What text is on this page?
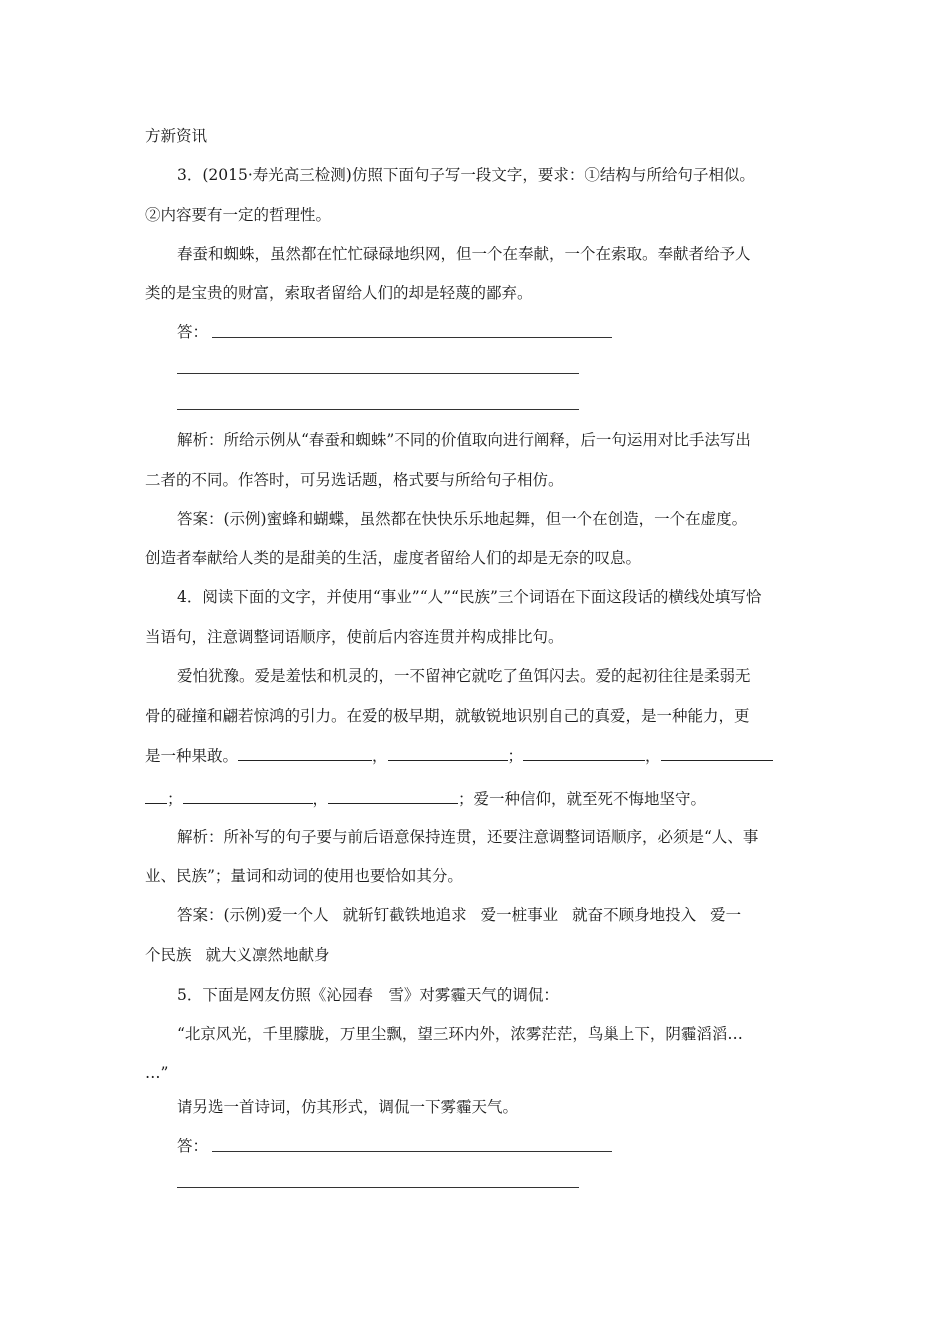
方新资讯
3．(2015·寿光高三检测)仿照下面句子写一段文字，要求：①结构与所给句子相似。
②内容要有一定的哲理性。
春蚕和蜘蛛，虽然都在忙忙碌碌地织网，但一个在奉献，一个在索取。奉献者给予人
类的是宝贵的财富，索取者留给人们的却是轻蔑的鄙弃。
答：
解析：所给示例从“春蚕和蜘蛛”不同的价值取向进行阐释，后一句运用对比手法写出
二者的不同。作答时，可另选话题，格式要与所给句子相仿。
答案：(示例)蜜蜂和蝴蝶，虽然都在快快乐乐地起舞，但一个在创造，一个在虚度。
创造者奉献给人类的是甜美的生活，虚度者留给人们的却是无奈的叹息。
4．阅读下面的文字，并使用“事业”“人”“民族”三个词语在下面这段话的横线处填写恰
当语句，注意调整词语顺序，使前后内容连贯并构成排比句。
爱怕犹豫。爱是羞怯和机灵的，一不留神它就吃了鱼饵闪去。爱的起初往往是柔弱无
骨的碰撞和翩若惊鸿的引力。在爱的极早期，就敏锐地识别自己的真爱，是一种能力，更
是一种果敢。	，	；	，
；	，	；爱一种信仰，就至死不悔地坚守。
解析：所补写的句子要与前后语意保持连贯，还要注意调整词语顺序，必须是“人、事
业、民族”；量词和动词的使用也要恰如其分。
答案：(示例)爱一个人 就斩钉截铁地追求 爱一桩事业 就奋不顾身地投入 爱一
个民族 就大义凛然地献身
5．下面是网友仿照《沁园春　雪》对雾霾天气的调侃：
“北京风光，千里朦胧，万里尘飘，望三环内外，浓雾茫茫，鸟巢上下，阴霾滔滔…
…”
请另选一首诗词，仿其形式，调侃一下雾霾天气。
答：
